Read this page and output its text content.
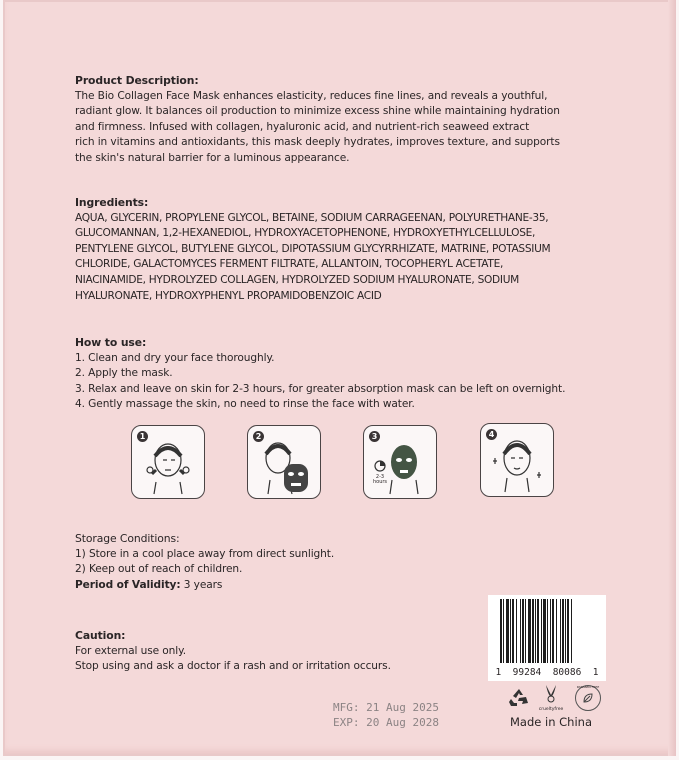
Product Description:
The Bio Collagen Face Mask enhances elasticity, reduces fine lines, and reveals a youthful,
radiant glow. It balances oil production to minimize excess shine while maintaining hydration
and firmness. Infused with collagen, hyaluronic acid, and nutrient-rich seaweed extract
rich in vitamins and antioxidants, this mask deeply hydrates, improves texture, and supports
the skin's natural barrier for a luminous appearance.
Ingredients:
AQUA, GLYCERIN, PROPYLENE GLYCOL, BETAINE, SODIUM CARRAGEENAN, POLYURETHANE-35,
GLUCOMANNAN, 1,2-HEXANEDIOL, HYDROXYACETOPHENONE, HYDROXYETHYLCELLULOSE,
PENTYLENE GLYCOL, BUTYLENE GLYCOL, DIPOTASSIUM GLYCYRRHIZATE, MATRINE, POTASSIUM
CHLORIDE, GALACTOMYCES FERMENT FILTRATE, ALLANTOIN, TOCOPHERYL ACETATE,
NIACINAMIDE, HYDROLYZED COLLAGEN, HYDROLYZED SODIUM HYALURONATE, SODIUM
HYALURONATE, HYDROXYPHENYL PROPAMIDOBENZOIC ACID
How to use:
1. Clean and dry your face thoroughly.
2. Apply the mask.
3. Relax and leave on skin for 2-3 hours, for greater absorption mask can be left on overnight.
4. Gently massage the skin, no need to rinse the face with water.
1	2	3
2-3 hours
4
Storage Conditions:
1) Store in a cool place away from direct sunlight.
2) Keep out of reach of children.
Period of Validity: 3 years
Caution:
For external use only.
Stop using and ask a doctor if a rash and or irritation occurs.
MFG: 21 Aug 2025
EXP: 20 Aug 2028
1  99284  80086  1
crueltyfree
PARABEN FREE
Made in China
